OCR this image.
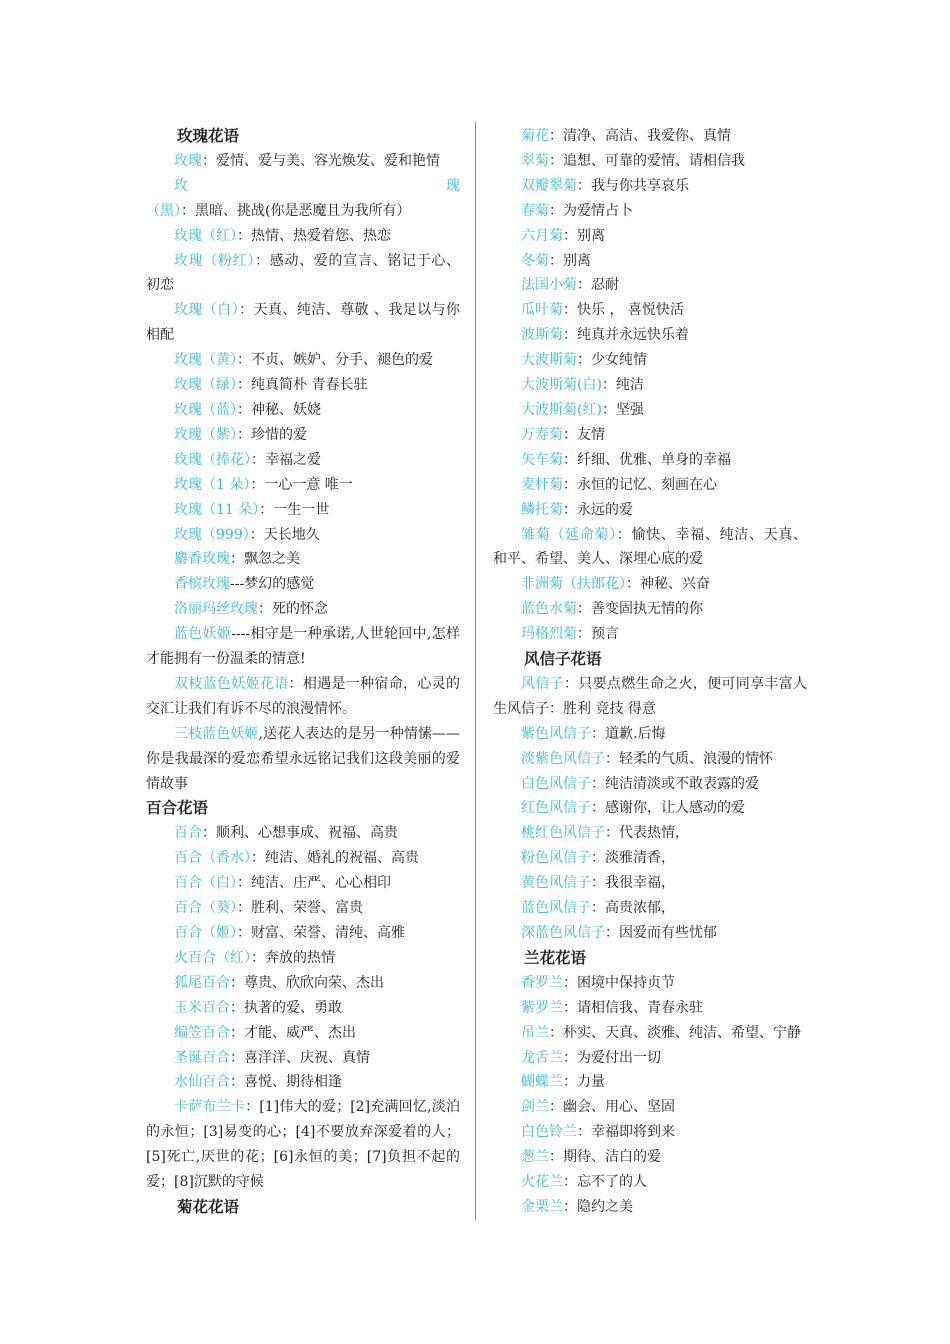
玫瑰花语

玫瑰：爱情、爱与美、容光焕发、爱和艳情

玫瑰（黑）：黑暗、挑战(你是恶魔且为我所有）

玫瑰（红）：热情、热爱着您、热恋

玫瑰（粉红）：感动、爱的宣言、铭记于心、初恋

玫瑰（白）：天真、纯洁、尊敬 、我足以与你相配

玫瑰（黄）：不贞、嫉妒、分手、褪色的爱

玫瑰（绿）：纯真简朴 青春长驻

玫瑰（蓝）：神秘、妖娆

玫瑰（紫）：珍惜的爱

玫瑰（捧花）：幸福之爱

玫瑰（1 朵）：一心一意 唯一

玫瑰（11 朵）：一生一世

玫瑰（999）：天长地久

麝香玫瑰：飘忽之美

香槟玫瑰---梦幻的感觉

洛丽玛丝玫瑰：死的怀念

蓝色妖姬----相守是一种承诺,人世轮回中,怎样才能拥有一份温柔的情意!

双枝蓝色妖姬花语：相遇是一种宿命，心灵的交汇让我们有诉不尽的浪漫情怀。

三枝蓝色妖姬,送花人表达的是另一种情愫——你是我最深的爱恋希望永远铭记我们这段美丽的爱情故事

百合花语

百合：顺利、心想事成、祝福、高贵

百合（香水）：纯洁、婚礼的祝福、高贵

百合（白）：纯洁、庄严、心心相印

百合（葵）：胜利、荣誉、富贵

百合（姬）：财富、荣誉、清纯、高雅

火百合（红）：奔放的热情

狐尾百合：尊贵、欣欣向荣、杰出

玉米百合：执著的爱、勇敢

编笠百合：才能、威严、杰出

圣诞百合：喜洋洋、庆祝、真情

水仙百合：喜悦、期待相逢

卡萨布兰卡：[1]伟大的爱；[2]充满回忆,淡泊的永恒；[3]易变的心；[4]不要放弃深爱着的人；[5]死亡,厌世的花；[6]永恒的美；[7]负担不起的爱；[8]沉默的守候

菊花花语

菊花：清净、高洁、我爱你、真情

翠菊：追想、可靠的爱情、请相信我

双瓣翠菊：我与你共享哀乐

春菊：为爱情占卜

六月菊：别离

冬菊：别离

法国小菊：忍耐

瓜叶菊：快乐 ， 喜悦快活

波斯菊：纯真并永远快乐着

大波斯菊：少女纯情

大波斯菊(白)：纯洁

大波斯菊(红)：坚强

万寿菊：友情

矢车菊：纤细、优雅、单身的幸福

麦杆菊：永恒的记忆、刻画在心

鳞托菊：永远的爱

雏菊（延命菊）：愉快、幸福、纯洁、天真、和平、希望、美人、深埋心底的爱

非洲菊（扶郎花）：神秘、兴奋

蓝色水菊：善变固执无情的你

玛格烈菊：预言

风信子花语

风信子：只要点燃生命之火，便可同享丰富人生风信子：胜利 竞技 得意

紫色风信子：道歉.后悔

淡紫色风信子：轻柔的气质、浪漫的情怀

白色风信子：纯洁清淡或不敢表露的爱

红色风信子：感谢你，让人感动的爱

桃红色风信子：代表热情，

粉色风信子：淡雅清香，

黄色风信子：我很幸福，

蓝色风信子：高贵浓郁，

深蓝色风信子：因爱而有些忧郁

兰花花语

香罗兰：困境中保持贞节

紫罗兰：请相信我、青春永驻

吊兰：朴实、天真、淡雅、纯洁、希望、宁静

龙舌兰：为爱付出一切

蝴蝶兰：力量

剑兰：幽会、用心、坚固

白色铃兰：幸福即将到来

葱兰：期待、洁白的爱

火花兰：忘不了的人

金栗兰：隐约之美
